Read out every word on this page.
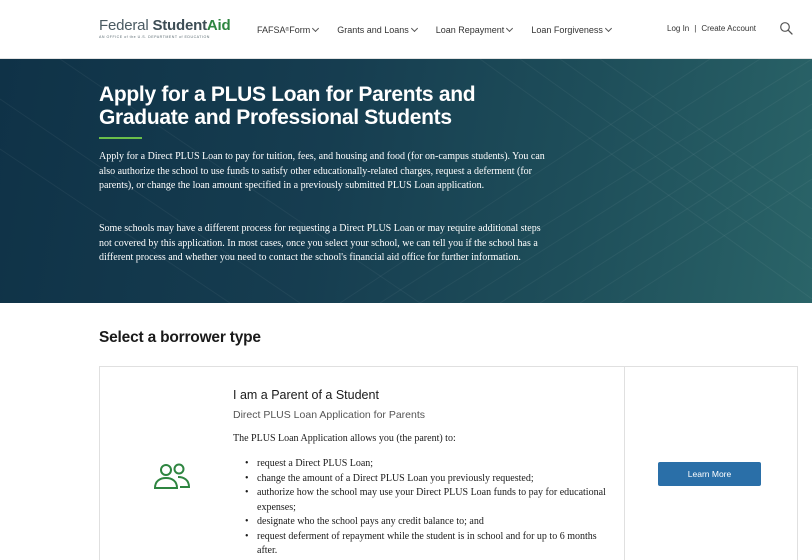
Federal StudentAid
AN OFFICE of the U.S. DEPARTMENT of EDUCATION
FAFSA ® Form	Grants and Loans	Loan Repayment	Loan Forgiveness	Log In | Create Account
Apply for a PLUS Loan for Parents and Graduate and Professional Students

Apply for a Direct PLUS Loan to pay for tuition, fees, and housing and food (for on-campus students). You can also authorize the school to use funds to satisfy other educationally-related charges, request a deferment (for parents), or change the loan amount specified in a previously submitted PLUS Loan application.

Some schools may have a different process for requesting a Direct PLUS Loan or may require additional steps not covered by this application. In most cases, once you select your school, we can tell you if the school has a different process and whether you need to contact the school's financial aid office for further information.

Select a borrower type
I am a Parent of a Student
Direct PLUS Loan Application for Parents
The PLUS Loan Application allows you (the parent) to:
• request a Direct PLUS Loan;
• change the amount of a Direct PLUS Loan you previously requested;
• authorize how the school may use your Direct PLUS Loan funds to pay for educational expenses;
• designate who the school pays any credit balance to; and
• request deferment of repayment while the student is in school and for up to 6 months after.
Learn More
